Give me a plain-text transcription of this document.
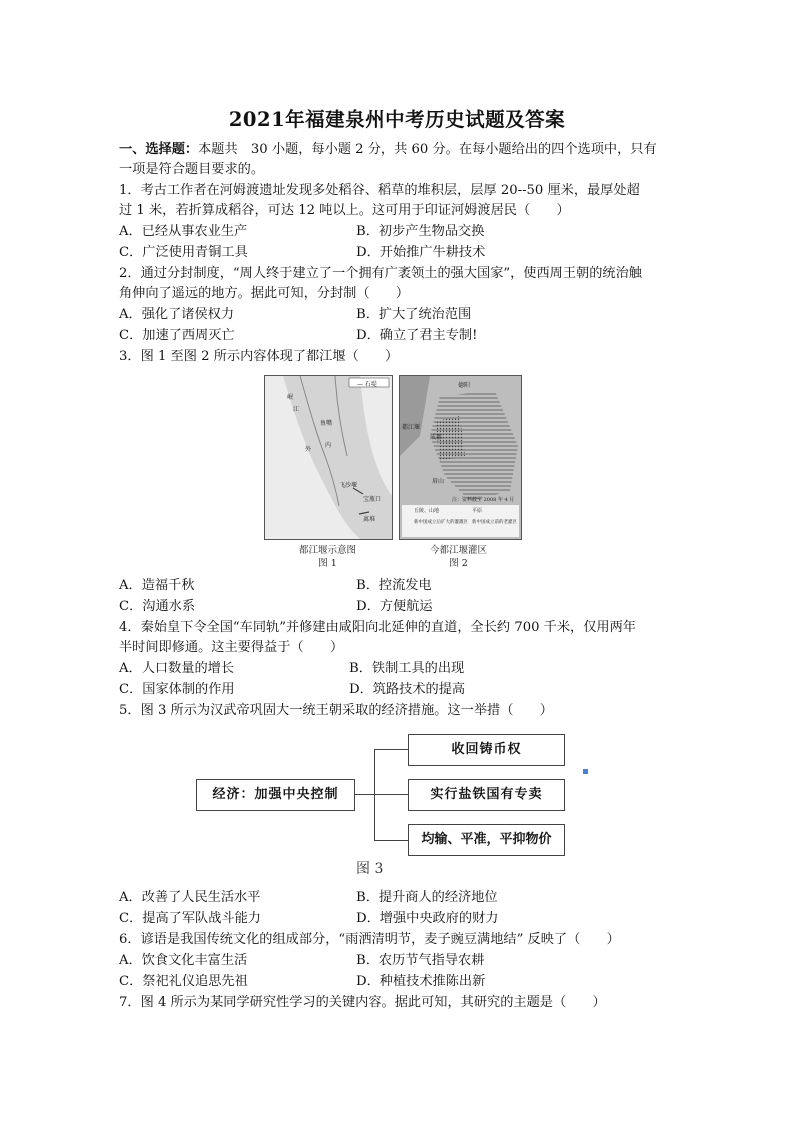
2021年福建泉州中考历史试题及答案
一、选择题：本题共　30 小题，每小题 2 分，共 60 分。在每小题给出的四个选项中，只有
一项是符合题目要求的。
1．考古工作者在河姆渡遗址发现多处稻谷、稻草的堆积层，层厚 20--50 厘米，最厚处超
过 1 米，若折算成稻谷，可达 12 吨以上。这可用于印证河姆渡居民（　　）
A．已经从事农业生产	B．初步产生物品交换
C．广泛使用青铜工具	D．开始推广牛耕技术
2．通过分封制度，“周人终于建立了一个拥有广袤领土的强大国家”，使西周王朝的统治触
角伸向了遥远的地方。据此可知，分封制（　　）
A．强化了诸侯权力	B．扩大了统治范围
C．加速了西周灭亡	D．确立了君主专制!
3．图 1 至图 2 所示内容体现了都江堰（　　）
— 石堤
岷
江
鱼嘴
外
内
飞沙堰
宝瓶口
离堆
都江堰示意图
图 1
德阳
都江堰
成都
眉山
注：资料截至 2008 年 4 月
丘陵、山地	平原
新中国成立后扩大的灌溉区 新中国成立前的老灌区
今都江堰灌区
图 2
A．造福千秋	B．控流发电
C．沟通水系	D．方便航运
4．秦始皇下令全国“车同轨”并修建由咸阳向北延伸的直道，全长约 700 千米，仅用两年
半时间即修通。这主要得益于（　　）
A．人口数量的增长	B．铁制工具的出现
C．国家体制的作用	D．筑路技术的提高
5．图 3 所示为汉武帝巩固大一统王朝采取的经济措施。这一举措（　　）
经济：加强中央控制
收回铸币权
实行盐铁国有专卖
均输、平准，平抑物价
图 3
A．改善了人民生活水平	B．提升商人的经济地位
C．提高了军队战斗能力	D．增强中央政府的财力
6．谚语是我国传统文化的组成部分，“雨洒清明节，麦子豌豆满地结” 反映了（　　）
A．饮食文化丰富生活	B．农历节气指导农耕
C．祭祀礼仪追思先祖	D．种植技术推陈出新
7．图 4 所示为某同学研究性学习的关键内容。据此可知，其研究的主题是（　　）
